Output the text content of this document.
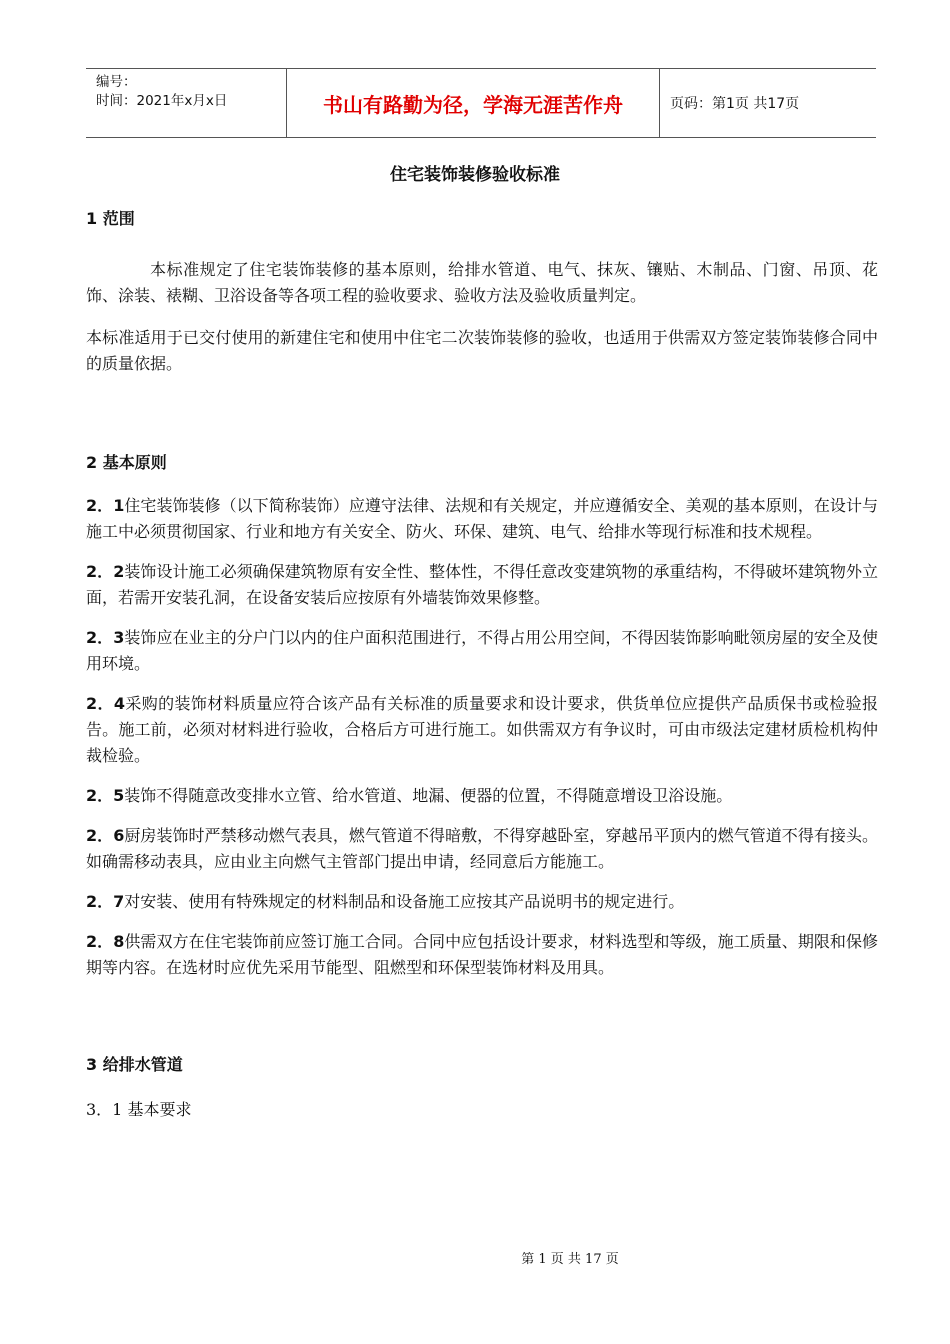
编号：
时间：2021年x月x日	书山有路勤为径，学海无涯苦作舟	页码：第1页 共17页
住宅装饰装修验收标准

1 范围

本标准规定了住宅装饰装修的基本原则，给排水管道、电气、抹灰、镶贴、木制品、门窗、吊顶、花饰、涂装、裱糊、卫浴设备等各项工程的验收要求、验收方法及验收质量判定。

本标准适用于已交付使用的新建住宅和使用中住宅二次装饰装修的验收，也适用于供需双方签定装饰装修合同中的质量依据。

2 基本原则

2．1住宅装饰装修（以下简称装饰）应遵守法律、法规和有关规定，并应遵循安全、美观的基本原则，在设计与施工中必须贯彻国家、行业和地方有关安全、防火、环保、建筑、电气、给排水等现行标准和技术规程。

2．2装饰设计施工必须确保建筑物原有安全性、整体性，不得任意改变建筑物的承重结构，不得破坏建筑物外立面，若需开安装孔洞，在设备安装后应按原有外墙装饰效果修整。

2．3装饰应在业主的分户门以内的住户面积范围进行，不得占用公用空间，不得因装饰影响毗领房屋的安全及使用环境。

2．4采购的装饰材料质量应符合该产品有关标准的质量要求和设计要求，供货单位应提供产品质保书或检验报告。施工前，必须对材料进行验收，合格后方可进行施工。如供需双方有争议时，可由市级法定建材质检机构仲裁检验。

2．5装饰不得随意改变排水立管、给水管道、地漏、便器的位置，不得随意增设卫浴设施。

2．6厨房装饰时严禁移动燃气表具，燃气管道不得暗敷，不得穿越卧室，穿越吊平顶内的燃气管道不得有接头。如确需移动表具，应由业主向燃气主管部门提出申请，经同意后方能施工。

2．7对安装、使用有特殊规定的材料制品和设备施工应按其产品说明书的规定进行。

2．8供需双方在住宅装饰前应签订施工合同。合同中应包括设计要求，材料选型和等级，施工质量、期限和保修期等内容。在选材时应优先采用节能型、阻燃型和环保型装饰材料及用具。

3 给排水管道

3．1 基本要求

第 1 页 共 17 页
